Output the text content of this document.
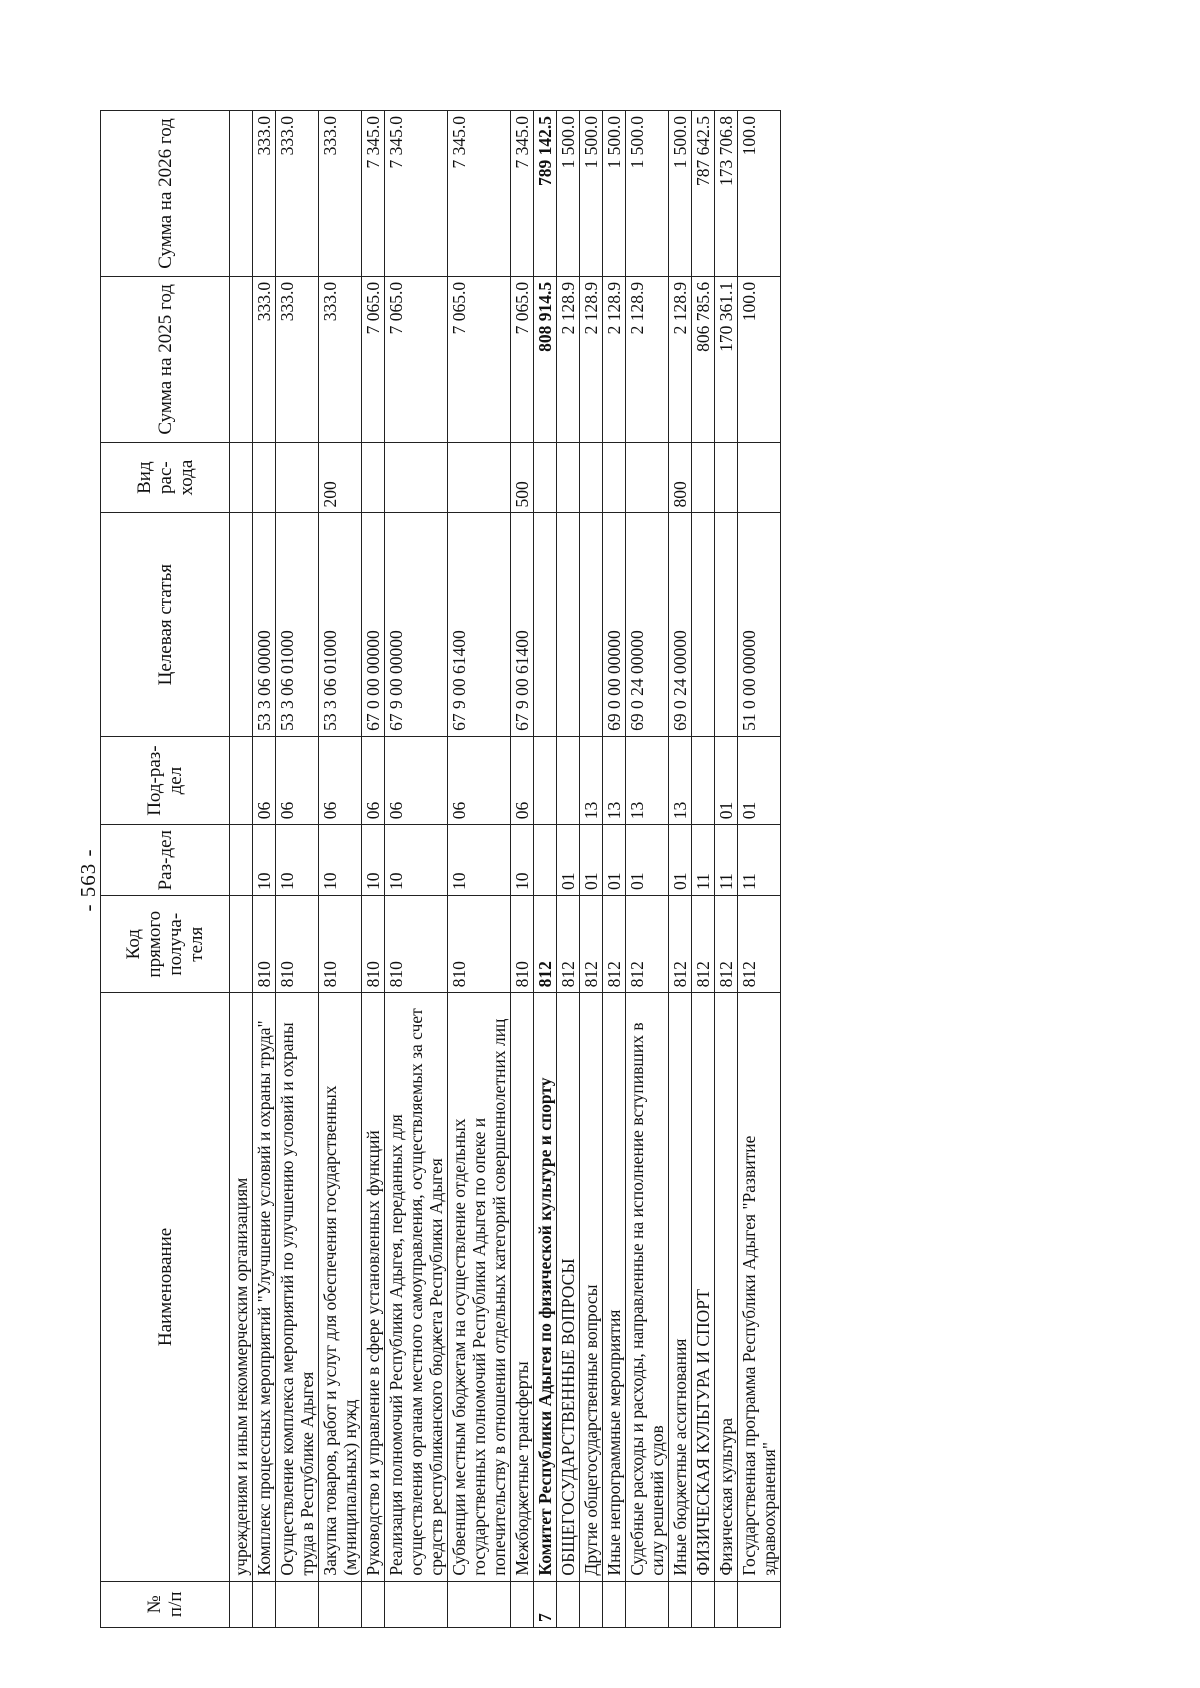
- 563 -
№ п/п	Наименование	Код прямого получа-теля	Раз-дел	Под-раз-дел	Целевая статья	Вид рас-хода	Сумма на 2025 год	Сумма на 2026 год
	учреждениям и иным некоммерческим организациям							
	Комплекс процессных мероприятий "Улучшение условий и охраны труда"	810	10	06	53 3 06 00000		333.0	333.0
	Осуществление комплекса мероприятий по улучшению условий и охраны труда в Республике Адыгея	810	10	06	53 3 06 01000		333.0	333.0
	Закупка товаров, работ и услуг для обеспечения государственных (муниципальных) нужд	810	10	06	53 3 06 01000	200	333.0	333.0
	Руководство и управление в сфере установленных функций	810	10	06	67 0 00 00000		7 065.0	7 345.0
	Реализация полномочий Республики Адыгея, переданных для осуществления органам местного самоуправления, осуществляемых за счет средств республиканского бюджета Республики Адыгея	810	10	06	67 9 00 00000		7 065.0	7 345.0
	Субвенции местным бюджетам на осуществление отдельных государственных полномочий Республики Адыгея по опеке и попечительству в отношении отдельных категорий совершеннолетних лиц	810	10	06	67 9 00 61400		7 065.0	7 345.0
	Межбюджетные трансферты	810	10	06	67 9 00 61400	500	7 065.0	7 345.0
7	Комитет Республики Адыгея по физической культуре и спорту	812					808 914.5	789 142.5
	ОБЩЕГОСУДАРСТВЕННЫЕ ВОПРОСЫ	812	01				2 128.9	1 500.0
	Другие общегосударственные вопросы	812	01	13			2 128.9	1 500.0
	Иные непрограммные мероприятия	812	01	13	69 0 00 00000		2 128.9	1 500.0
	Судебные расходы и расходы, направленные на исполнение вступивших в силу решений судов	812	01	13	69 0 24 00000		2 128.9	1 500.0
	Иные бюджетные ассигнования	812	01	13	69 0 24 00000	800	2 128.9	1 500.0
	ФИЗИЧЕСКАЯ КУЛЬТУРА И СПОРТ	812	11				806 785.6	787 642.5
	Физическая культура	812	11	01			170 361.1	173 706.8
	Государственная программа Республики Адыгея "Развитие здравоохранения"	812	11	01	51 0 00 00000		100.0	100.0
